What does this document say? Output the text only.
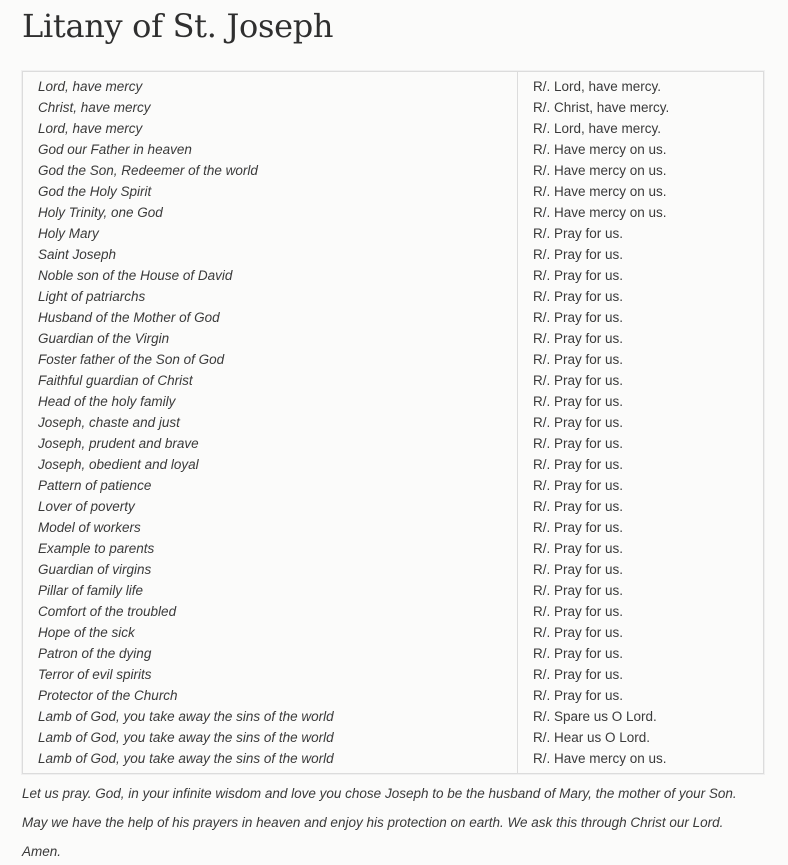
Litany of St. Joseph
Lord, have mercy	R/. Lord, have mercy.
Christ, have mercy	R/. Christ, have mercy.
Lord, have mercy	R/. Lord, have mercy.
God our Father in heaven	R/. Have mercy on us.
God the Son, Redeemer of the world	R/. Have mercy on us.
God the Holy Spirit	R/. Have mercy on us.
Holy Trinity, one God	R/. Have mercy on us.
Holy Mary	R/. Pray for us.
Saint Joseph	R/. Pray for us.
Noble son of the House of David	R/. Pray for us.
Light of patriarchs	R/. Pray for us.
Husband of the Mother of God	R/. Pray for us.
Guardian of the Virgin	R/. Pray for us.
Foster father of the Son of God	R/. Pray for us.
Faithful guardian of Christ	R/. Pray for us.
Head of the holy family	R/. Pray for us.
Joseph, chaste and just	R/. Pray for us.
Joseph, prudent and brave	R/. Pray for us.
Joseph, obedient and loyal	R/. Pray for us.
Pattern of patience	R/. Pray for us.
Lover of poverty	R/. Pray for us.
Model of workers	R/. Pray for us.
Example to parents	R/. Pray for us.
Guardian of virgins	R/. Pray for us.
Pillar of family life	R/. Pray for us.
Comfort of the troubled	R/. Pray for us.
Hope of the sick	R/. Pray for us.
Patron of the dying	R/. Pray for us.
Terror of evil spirits	R/. Pray for us.
Protector of the Church	R/. Pray for us.
Lamb of God, you take away the sins of the world	R/. Spare us O Lord.
Lamb of God, you take away the sins of the world	R/. Hear us O Lord.
Lamb of God, you take away the sins of the world	R/. Have mercy on us.

Let us pray. God, in your infinite wisdom and love you chose Joseph to be the husband of Mary, the mother of your Son.

May we have the help of his prayers in heaven and enjoy his protection on earth. We ask this through Christ our Lord.

Amen.
